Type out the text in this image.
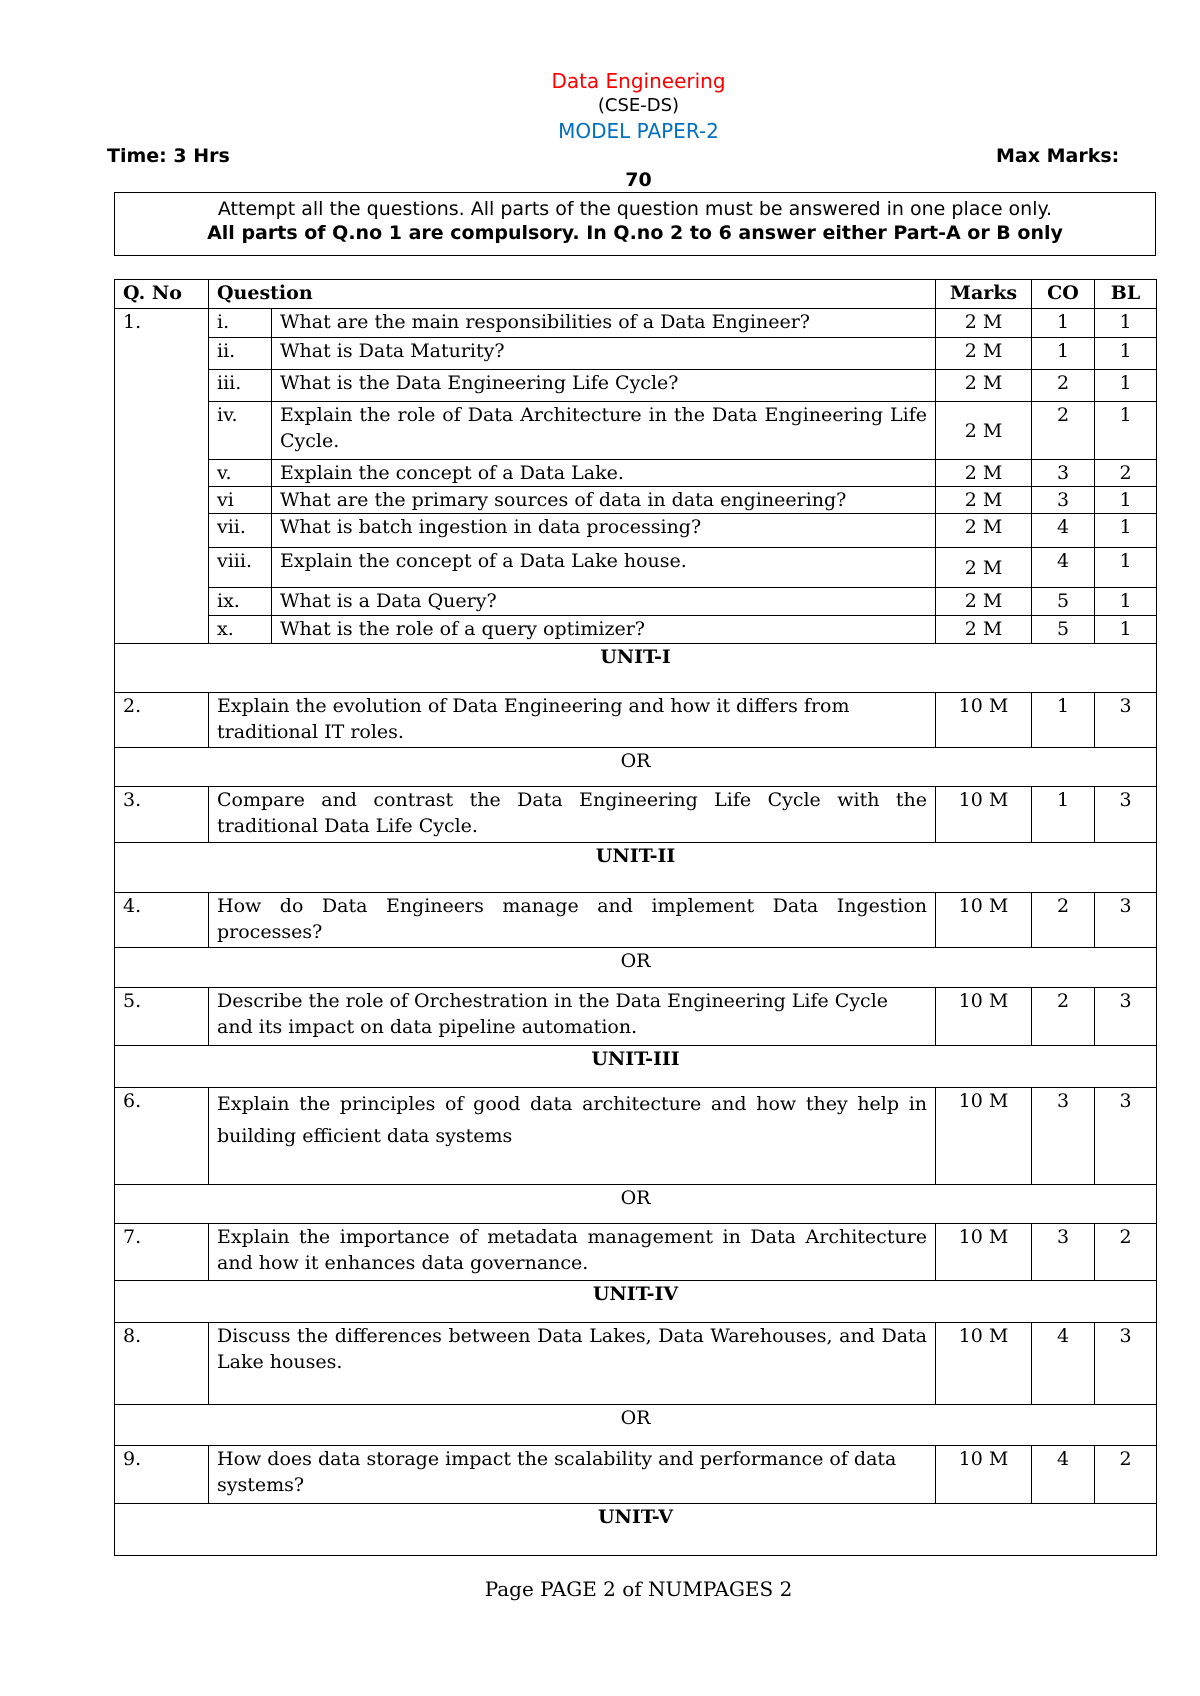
Data Engineering
(CSE-DS)
MODEL PAPER-2
Time: 3 Hrs	Max Marks:
70
Attempt all the questions. All parts of the question must be answered in one place only.
All parts of Q.no 1 are compulsory. In Q.no 2 to 6 answer either Part-A or B only
Q. No	Question		Marks	CO	BL
1.	i.	What are the main responsibilities of a Data Engineer?	2 M	1	1
	ii.	What is Data Maturity?	2 M	1	1
	iii.	What is the Data Engineering Life Cycle?	2 M	2	1
	iv.	Explain the role of Data Architecture in the Data Engineering Life Cycle.	2 M	2	1
	v.	Explain the concept of a Data Lake.	2 M	3	2
	vi	What are the primary sources of data in data engineering?	2 M	3	1
	vii.	What is batch ingestion in data processing?	2 M	4	1
	viii.	Explain the concept of a Data Lake house.	2 M	4	1
	ix.	What is a Data Query?	2 M	5	1
	x.	What is the role of a query optimizer?	2 M	5	1
UNIT-I					
2.	Explain the evolution of Data Engineering and how it differs from traditional IT roles.		10 M	1	3
OR					
3.	Compare and contrast the Data Engineering Life Cycle with the traditional Data Life Cycle.		10 M	1	3
UNIT-II					
4.	How do Data Engineers manage and implement Data Ingestion processes?		10 M	2	3
OR					
5.	Describe the role of Orchestration in the Data Engineering Life Cycle and its impact on data pipeline automation.		10 M	2	3
UNIT-III					
6.	Explain the principles of good data architecture and how they help in building efficient data systems		10 M	3	3
OR					
7.	Explain the importance of metadata management in Data Architecture and how it enhances data governance.		10 M	3	2
UNIT-IV					
8.	Discuss the differences between Data Lakes, Data Warehouses, and Data Lake houses.		10 M	4	3
OR					
9.	How does data storage impact the scalability and performance of data systems?		10 M	4	2
UNIT-V					
Page PAGE 2 of NUMPAGES 2
